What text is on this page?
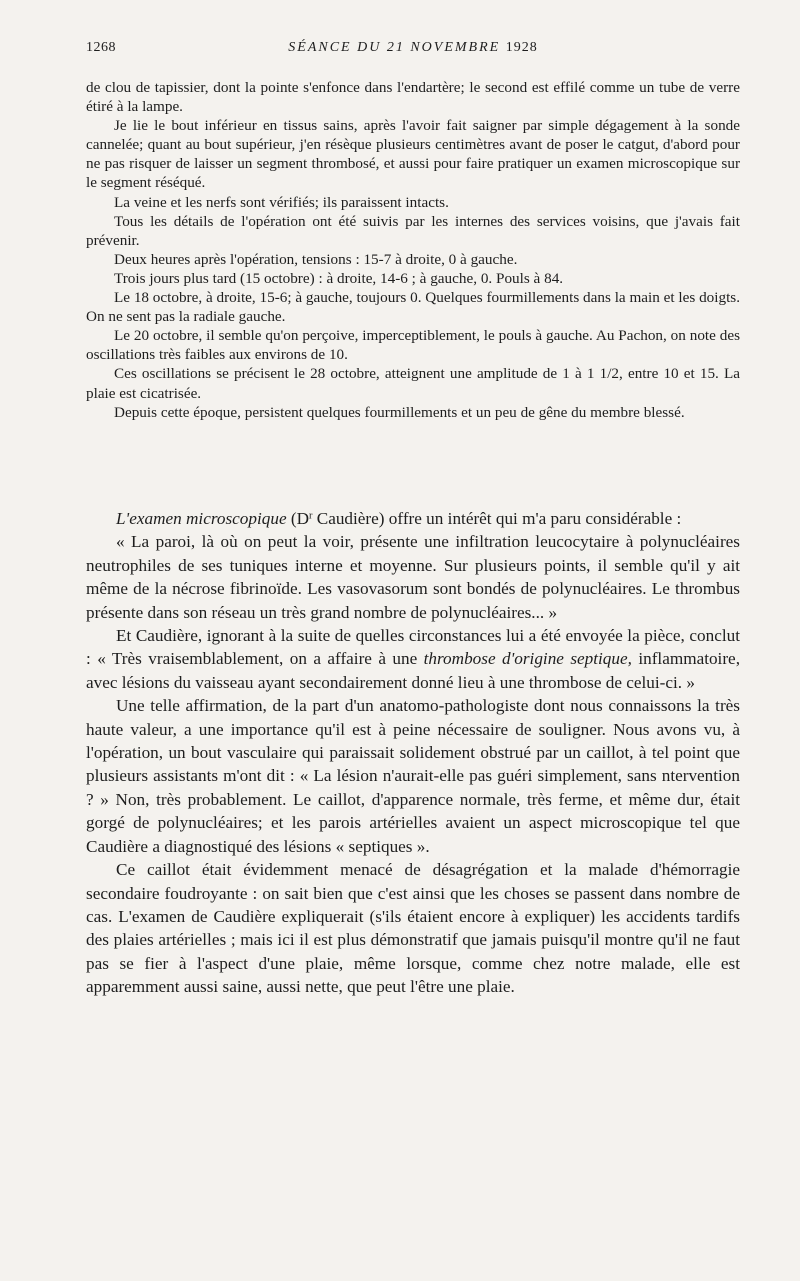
1268	SÉANCE DU 21 NOVEMBRE 1928

de clou de tapissier, dont la pointe s'enfonce dans l'endartère; le second est effilé comme un tube de verre étiré à la lampe.

Je lie le bout inférieur en tissus sains, après l'avoir fait saigner par simple dégagement à la sonde cannelée; quant au bout supérieur, j'en résèque plusieurs centimètres avant de poser le catgut, d'abord pour ne pas risquer de laisser un segment thrombosé, et aussi pour faire pratiquer un examen microscopique sur le segment réséqué.

La veine et les nerfs sont vérifiés; ils paraissent intacts.

Tous les détails de l'opération ont été suivis par les internes des services voisins, que j'avais fait prévenir.

Deux heures après l'opération, tensions : 15-7 à droite, 0 à gauche.

Trois jours plus tard (15 octobre) : à droite, 14-6 ; à gauche, 0. Pouls à 84.

Le 18 octobre, à droite, 15-6; à gauche, toujours 0. Quelques fourmillements dans la main et les doigts. On ne sent pas la radiale gauche.

Le 20 octobre, il semble qu'on perçoive, imperceptiblement, le pouls à gauche. Au Pachon, on note des oscillations très faibles aux environs de 10.

Ces oscillations se précisent le 28 octobre, atteignent une amplitude de 1 à 1 1/2, entre 10 et 15. La plaie est cicatrisée.

Depuis cette époque, persistent quelques fourmillements et un peu de gêne du membre blessé.

L'examen microscopique ($D^r$ Caudière) offre un intérêt qui m'a paru considérable :

« La paroi, là où on peut la voir, présente une infiltration leucocytaire à polynucléaires neutrophiles de ses tuniques interne et moyenne. Sur plusieurs points, il semble qu'il y ait même de la nécrose fibrinoïde. Les vasovasorum sont bondés de polynucléaires. Le thrombus présente dans son réseau un très grand nombre de polynucléaires... »

Et Caudière, ignorant à la suite de quelles circonstances lui a été envoyée la pièce, conclut : « Très vraisemblablement, on a affaire à une thrombose d'origine septique, inflammatoire, avec lésions du vaisseau ayant secondairement donné lieu à une thrombose de celui-ci. »

Une telle affirmation, de la part d'un anatomo-pathologiste dont nous connaissons la très haute valeur, a une importance qu'il est à peine nécessaire de souligner. Nous avons vu, à l'opération, un bout vasculaire qui paraissait solidement obstrué par un caillot, à tel point que plusieurs assistants m'ont dit : « La lésion n'aurait-elle pas guéri simplement, sans ntervention ? » Non, très probablement. Le caillot, d'apparence normale, très ferme, et même dur, était gorgé de polynucléaires; et les parois artérielles avaient un aspect microscopique tel que Caudière a diagnostiqué des lésions « septiques ».

Ce caillot était évidemment menacé de désagrégation et la malade d'hémorragie secondaire foudroyante : on sait bien que c'est ainsi que les choses se passent dans nombre de cas. L'examen de Caudière expliquerait (s'ils étaient encore à expliquer) les accidents tardifs des plaies artérielles ; mais ici il est plus démonstratif que jamais puisqu'il montre qu'il ne faut pas se fier à l'aspect d'une plaie, même lorsque, comme chez notre malade, elle est apparemment aussi saine, aussi nette, que peut l'être une plaie.
